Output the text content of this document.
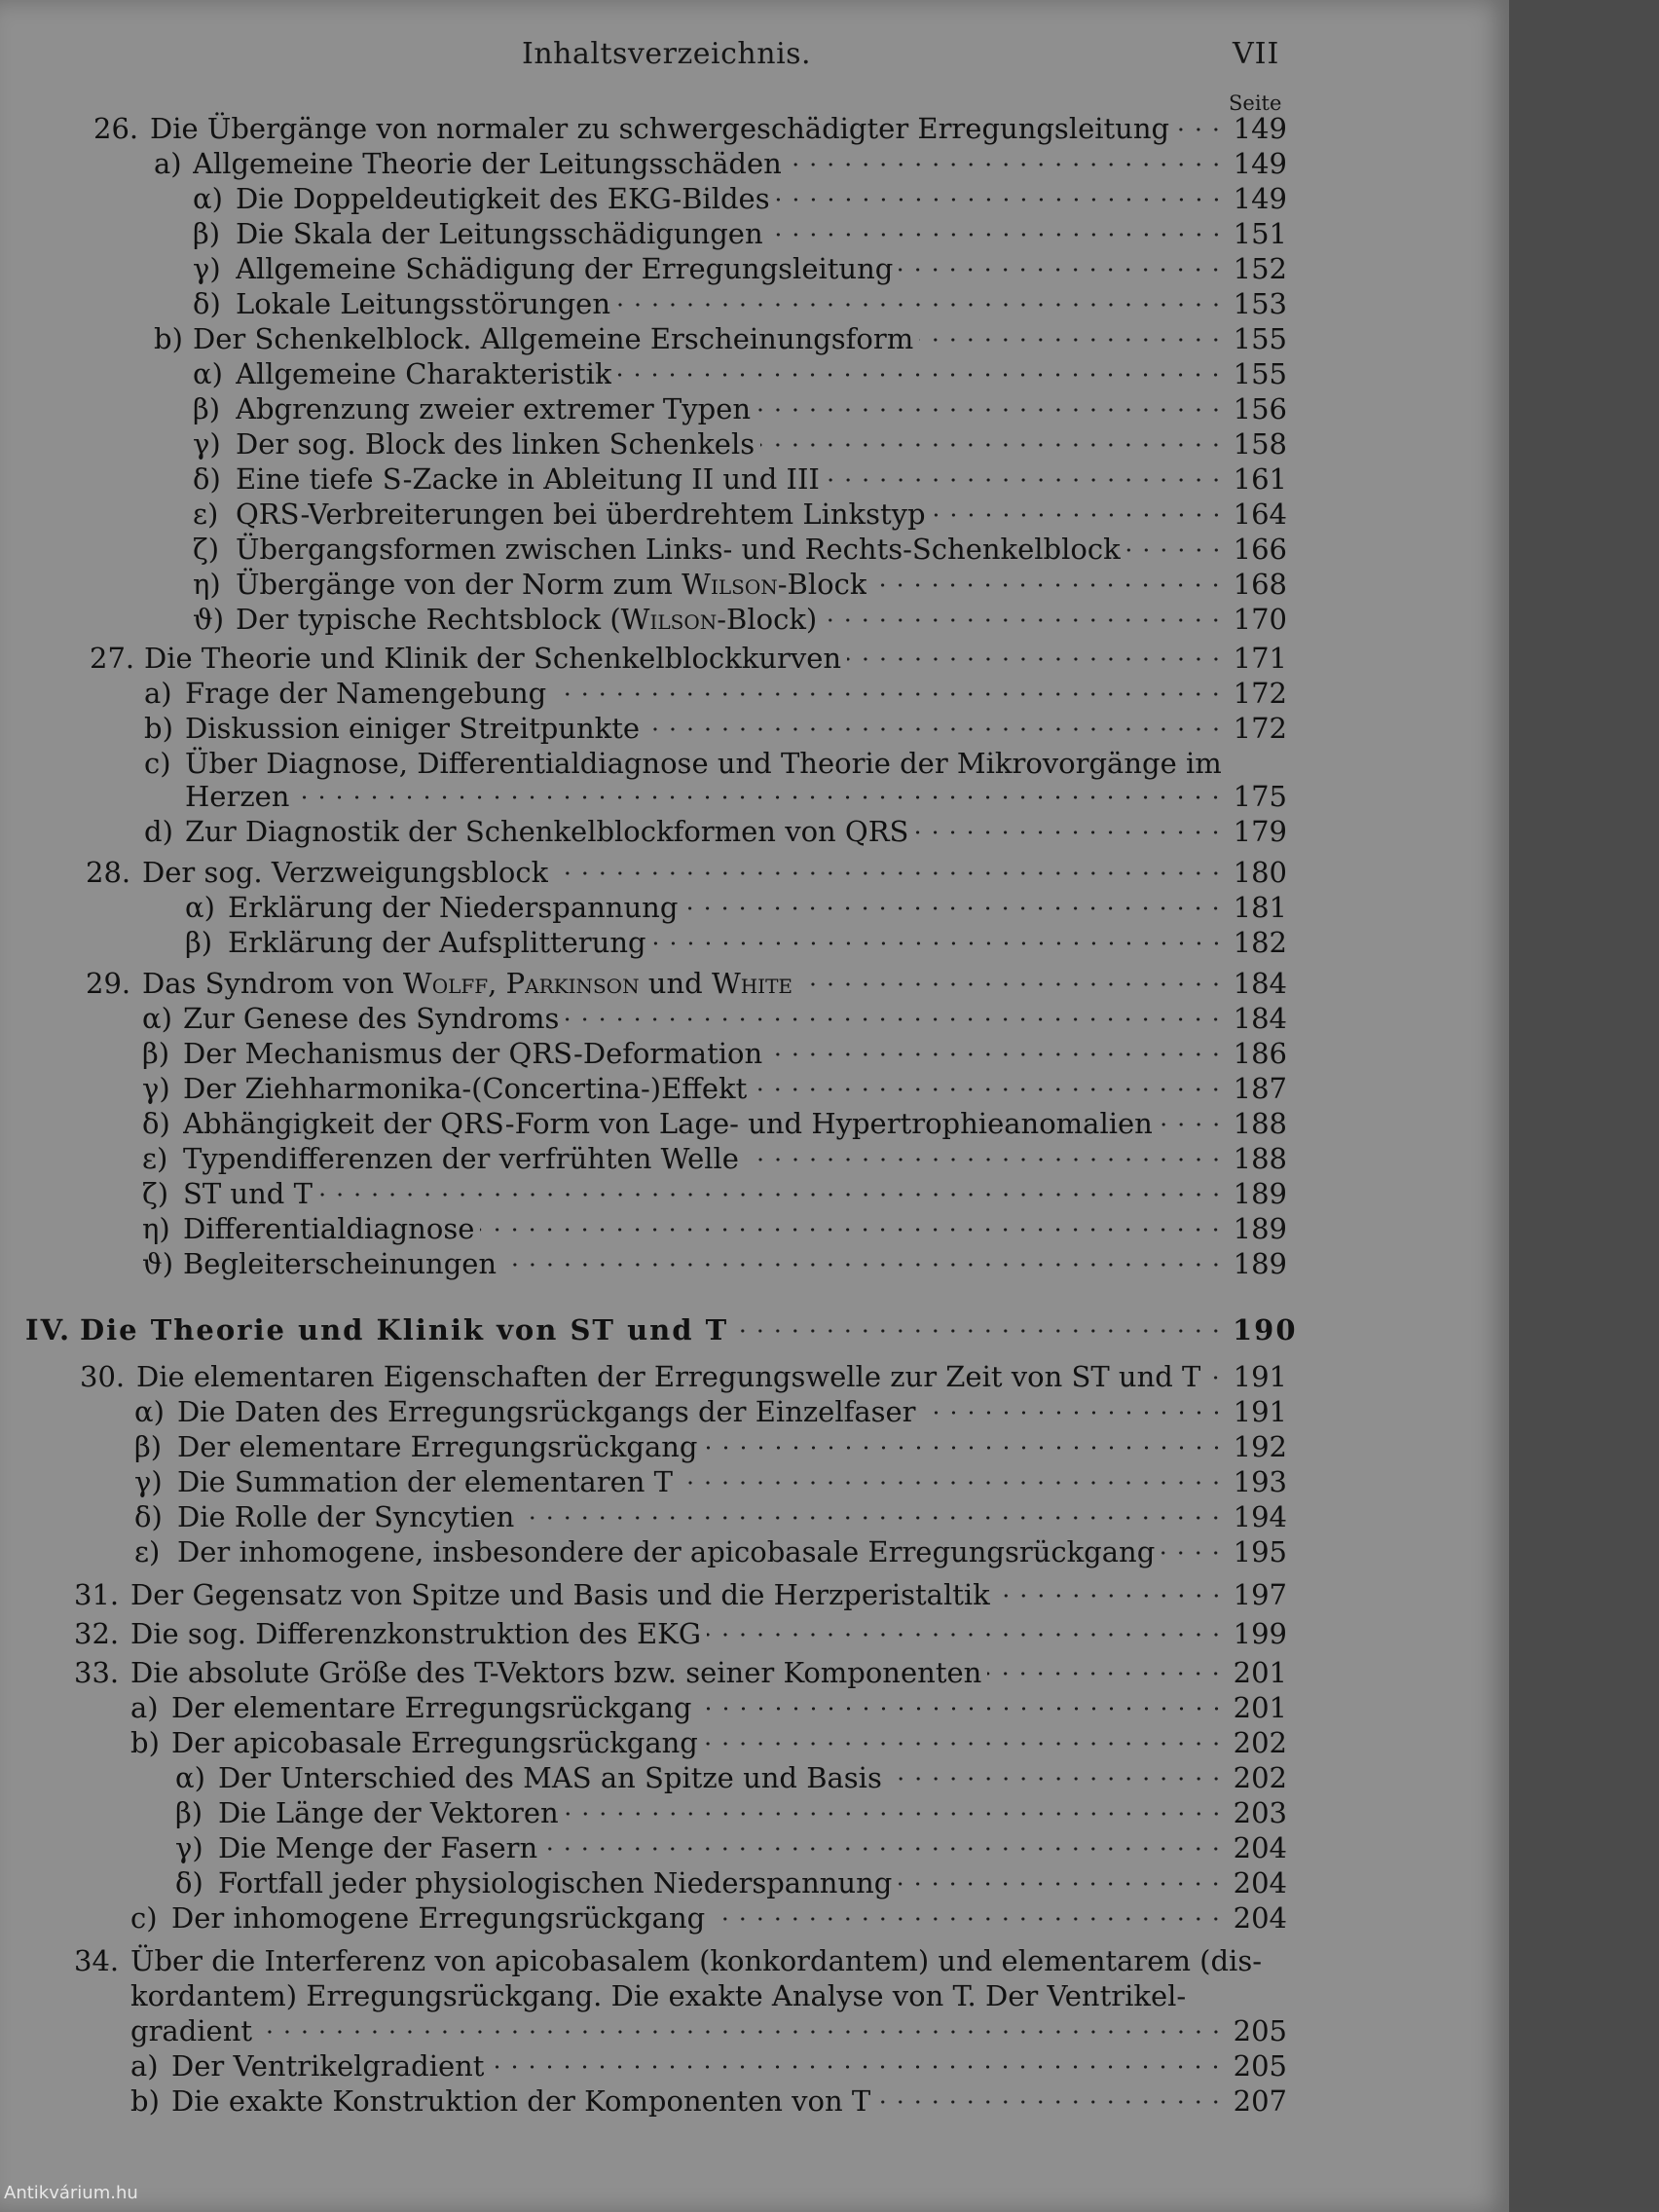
Inhaltsverzeichnis.	VII
Seite
26. Die Übergänge von normaler zu schwergeschädigter Erregungsleitung 149
a) Allgemeine Theorie der Leitungsschäden	149
α) Die Doppeldeutigkeit des EKG-Bildes	149
β) Die Skala der Leitungsschädigungen	151
γ) Allgemeine Schädigung der Erregungsleitung	152
δ) Lokale Leitungsstörungen	153
b) Der Schenkelblock. Allgemeine Erscheinungsform	155
α) Allgemeine Charakteristik	155
β) Abgrenzung zweier extremer Typen	156
γ) Der sog. Block des linken Schenkels	158
δ) Eine tiefe S-Zacke in Ableitung II und III	161
ε) QRS-Verbreiterungen bei überdrehtem Linkstyp	164
ζ) Übergangsformen zwischen Links- und Rechts-Schenkelblock	166
η) Übergänge von der Norm zum Wilson-Block	168
ϑ) Der typische Rechtsblock (Wilson-Block)	170
27. Die Theorie und Klinik der Schenkelblockkurven	171
a) Frage der Namengebung	172
b) Diskussion einiger Streitpunkte	172
c) Über Diagnose, Differentialdiagnose und Theorie der Mikrovorgänge im
Herzen	175
d) Zur Diagnostik der Schenkelblockformen von QRS	179
28. Der sog. Verzweigungsblock	180
α) Erklärung der Niederspannung	181
β) Erklärung der Aufsplitterung	182
29. Das Syndrom von Wolff, Parkinson und White	184
α) Zur Genese des Syndroms	184
β) Der Mechanismus der QRS-Deformation	186
γ) Der Ziehharmonika-(Concertina-)Effekt	187
δ) Abhängigkeit der QRS-Form von Lage- und Hypertrophieanomalien	188
ε) Typendifferenzen der verfrühten Welle	188
ζ) ST und T	189
η) Differentialdiagnose	189
ϑ) Begleiterscheinungen	189
IV. Die Theorie und Klinik von ST und T	190
30. Die elementaren Eigenschaften der Erregungswelle zur Zeit von ST und T 191
α) Die Daten des Erregungsrückgangs der Einzelfaser	191
β) Der elementare Erregungsrückgang	192
γ) Die Summation der elementaren T	193
δ) Die Rolle der Syncytien	194
ε) Der inhomogene, insbesondere der apicobasale Erregungsrückgang	195
31. Der Gegensatz von Spitze und Basis und die Herzperistaltik	197
32. Die sog. Differenzkonstruktion des EKG	199
33. Die absolute Größe des T-Vektors bzw. seiner Komponenten	201
a) Der elementare Erregungsrückgang	201
b) Der apicobasale Erregungsrückgang	202
α) Der Unterschied des MAS an Spitze und Basis	202
β) Die Länge der Vektoren	203
γ) Die Menge der Fasern	204
δ) Fortfall jeder physiologischen Niederspannung	204
c) Der inhomogene Erregungsrückgang	204
34. Über die Interferenz von apicobasalem (konkordantem) und elementarem (dis-
kordantem) Erregungsrückgang. Die exakte Analyse von T. Der Ventrikel-
gradient	205
a) Der Ventrikelgradient	205
b) Die exakte Konstruktion der Komponenten von T	207
Antikvárium.hu
